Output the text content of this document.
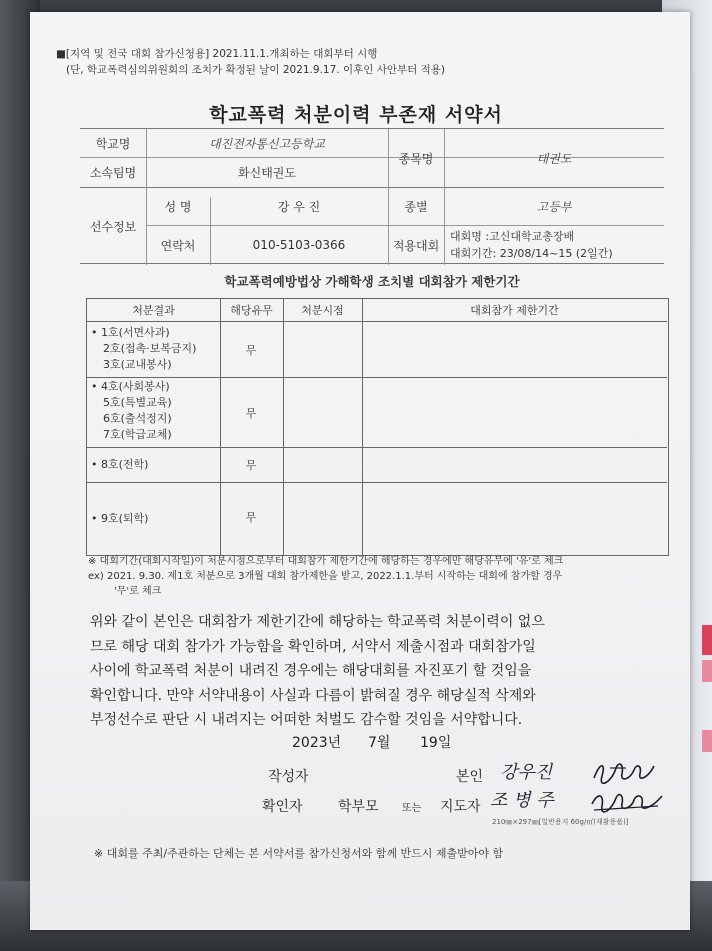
■[지역 및 전국 대회 참가신청용] 2021.11.1.개최하는 대회부터 시행
(단, 학교폭력심의위원회의 조치가 확정된 날이 2021.9.17. 이후인 사안부터 적용)
학교폭력 처분이력 부존재 서약서
학교명	대진전자통신고등학교
소속팀명	화신태권도
종목명	태권도
선수정보
성 명	강 우 진	종별	고등부
연락처	010-5103-0366	적용대회
대회명 :고신대학교총장배
대회기간: 23/08/14~15 (2일간)
학교폭력예방법상 가해학생 조치별 대회참가 제한기간
처분결과	해당유무	처분시점	대회참가 제한기간
• 1호(서면사과)
2호(접촉·보복금지)
3호(교내봉사)
무
• 4호(사회봉사)
5호(특별교육)
6호(출석정지)
7호(학급교체)
무
• 8호(전학)	무
• 9호(퇴학)	무
※ 대회기간(대회시작일)이 처분시점으로부터 대회참가 제한기간에 해당하는 경우에만 해당유무에 '유'로 체크
ex) 2021. 9.30. 제1호 처분으로 3개월 대회 참가제한을 받고, 2022.1.1.부터 시작하는 대회에 참가할 경우
'무'로 체크
위와 같이 본인은 대회참가 제한기간에 해당하는 학교폭력 처분이력이 없으
므로 해당 대회 참가가 가능함을 확인하며, 서약서 제출시점과 대회참가일
사이에 학교폭력 처분이 내려진 경우에는 해당대회를 자진포기 할 것임을
확인합니다. 만약 서약내용이 사실과 다름이 밝혀질 경우 해당실적 삭제와
부정선수로 판단 시 내려지는 어떠한 처벌도 감수할 것임을 서약합니다.
2023년 7월 19일
작성자	본인 강우진
확인자	학부모 또는 지도자 조 병 주
210㎜×297㎜[일반용지 60g/㎡(재활용품)]
※ 대회를 주최/주관하는 단체는 본 서약서를 참가신청서와 함께 반드시 제출받아야 함
